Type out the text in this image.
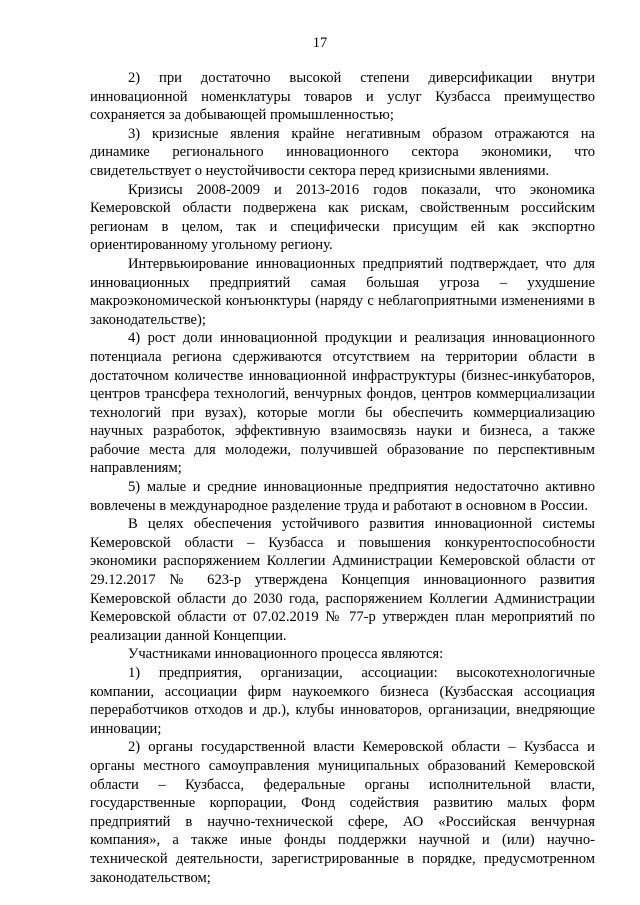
17

2) при достаточно высокой степени диверсификации внутри инновационной номенклатуры товаров и услуг Кузбасса преимущество сохраняется за добывающей промышленностью;

3) кризисные явления крайне негативным образом отражаются на динамике регионального инновационного сектора экономики, что свидетельствует о неустойчивости сектора перед кризисными явлениями.

Кризисы 2008-2009 и 2013-2016 годов показали, что экономика Кемеровской области подвержена как рискам, свойственным российским регионам в целом, так и специфически присущим ей как экспортно ориентированному угольному региону.

Интервьюирование инновационных предприятий подтверждает, что для инновационных предприятий самая большая угроза – ухудшение макроэкономической конъюнктуры (наряду с неблагоприятными изменениями в законодательстве);

4) рост доли инновационной продукции и реализация инновационного потенциала региона сдерживаются отсутствием на территории области в достаточном количестве инновационной инфраструктуры (бизнес-инкубаторов, центров трансфера технологий, венчурных фондов, центров коммерциализации технологий при вузах), которые могли бы обеспечить коммерциализацию научных разработок, эффективную взаимосвязь науки и бизнеса, а также рабочие места для молодежи, получившей образование по перспективным направлениям;

5) малые и средние инновационные предприятия недостаточно активно вовлечены в международное разделение труда и работают в основном в России.

В целях обеспечения устойчивого развития инновационной системы Кемеровской области – Кузбасса и повышения конкурентоспособности экономики распоряжением Коллегии Администрации Кемеровской области от 29.12.2017 № 623-р утверждена Концепция инновационного развития Кемеровской области до 2030 года, распоряжением Коллегии Администрации Кемеровской области от 07.02.2019 № 77-р утвержден план мероприятий по реализации данной Концепции.

Участниками инновационного процесса являются:

1) предприятия, организации, ассоциации: высокотехнологичные компании, ассоциации фирм наукоемкого бизнеса (Кузбасская ассоциация переработчиков отходов и др.), клубы инноваторов, организации, внедряющие инновации;

2) органы государственной власти Кемеровской области – Кузбасса и органы местного самоуправления муниципальных образований Кемеровской области – Кузбасса, федеральные органы исполнительной власти, государственные корпорации, Фонд содействия развитию малых форм предприятий в научно-технической сфере, АО «Российская венчурная компания», а также иные фонды поддержки научной и (или) научно-технической деятельности, зарегистрированные в порядке, предусмотренном законодательством;
